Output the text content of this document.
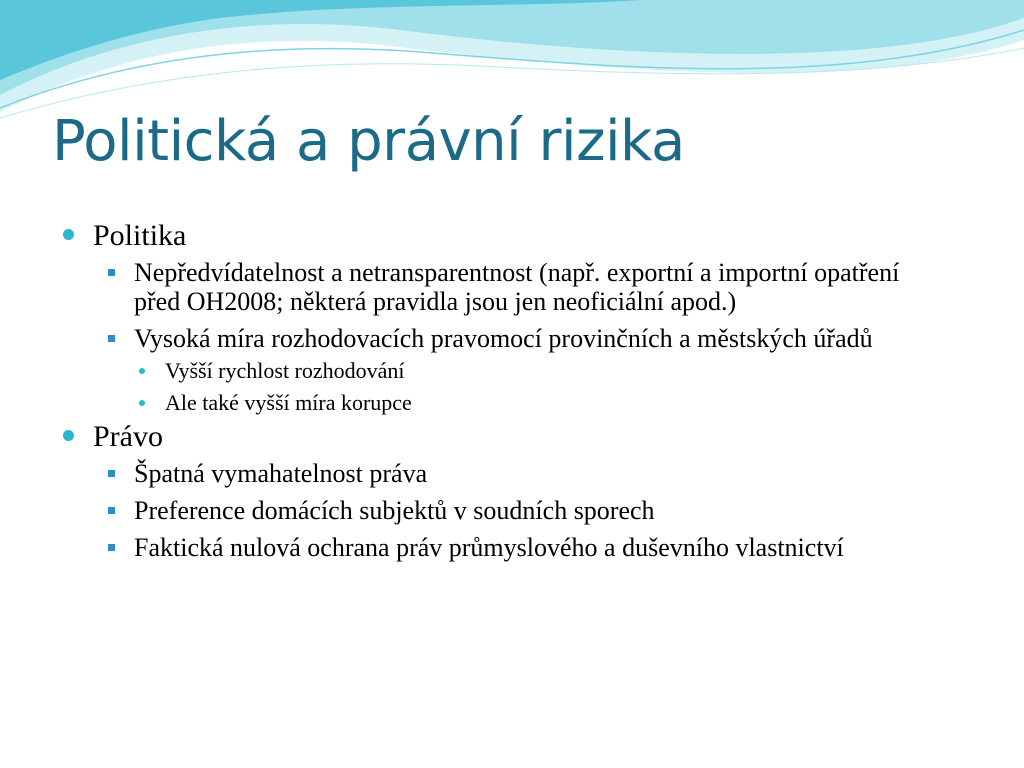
Politická a právní rizika
Politika
Nepředvídatelnost a netransparentnost (např. exportní a importní opatření před OH2008; některá pravidla jsou jen neoficiální apod.)
Vysoká míra rozhodovacích pravomocí provinčních a městských úřadů
Vyšší rychlost rozhodování
Ale také vyšší míra korupce
Právo
Špatná vymahatelnost práva
Preference domácích subjektů v soudních sporech
Faktická nulová ochrana práv průmyslového a duševního vlastnictví
